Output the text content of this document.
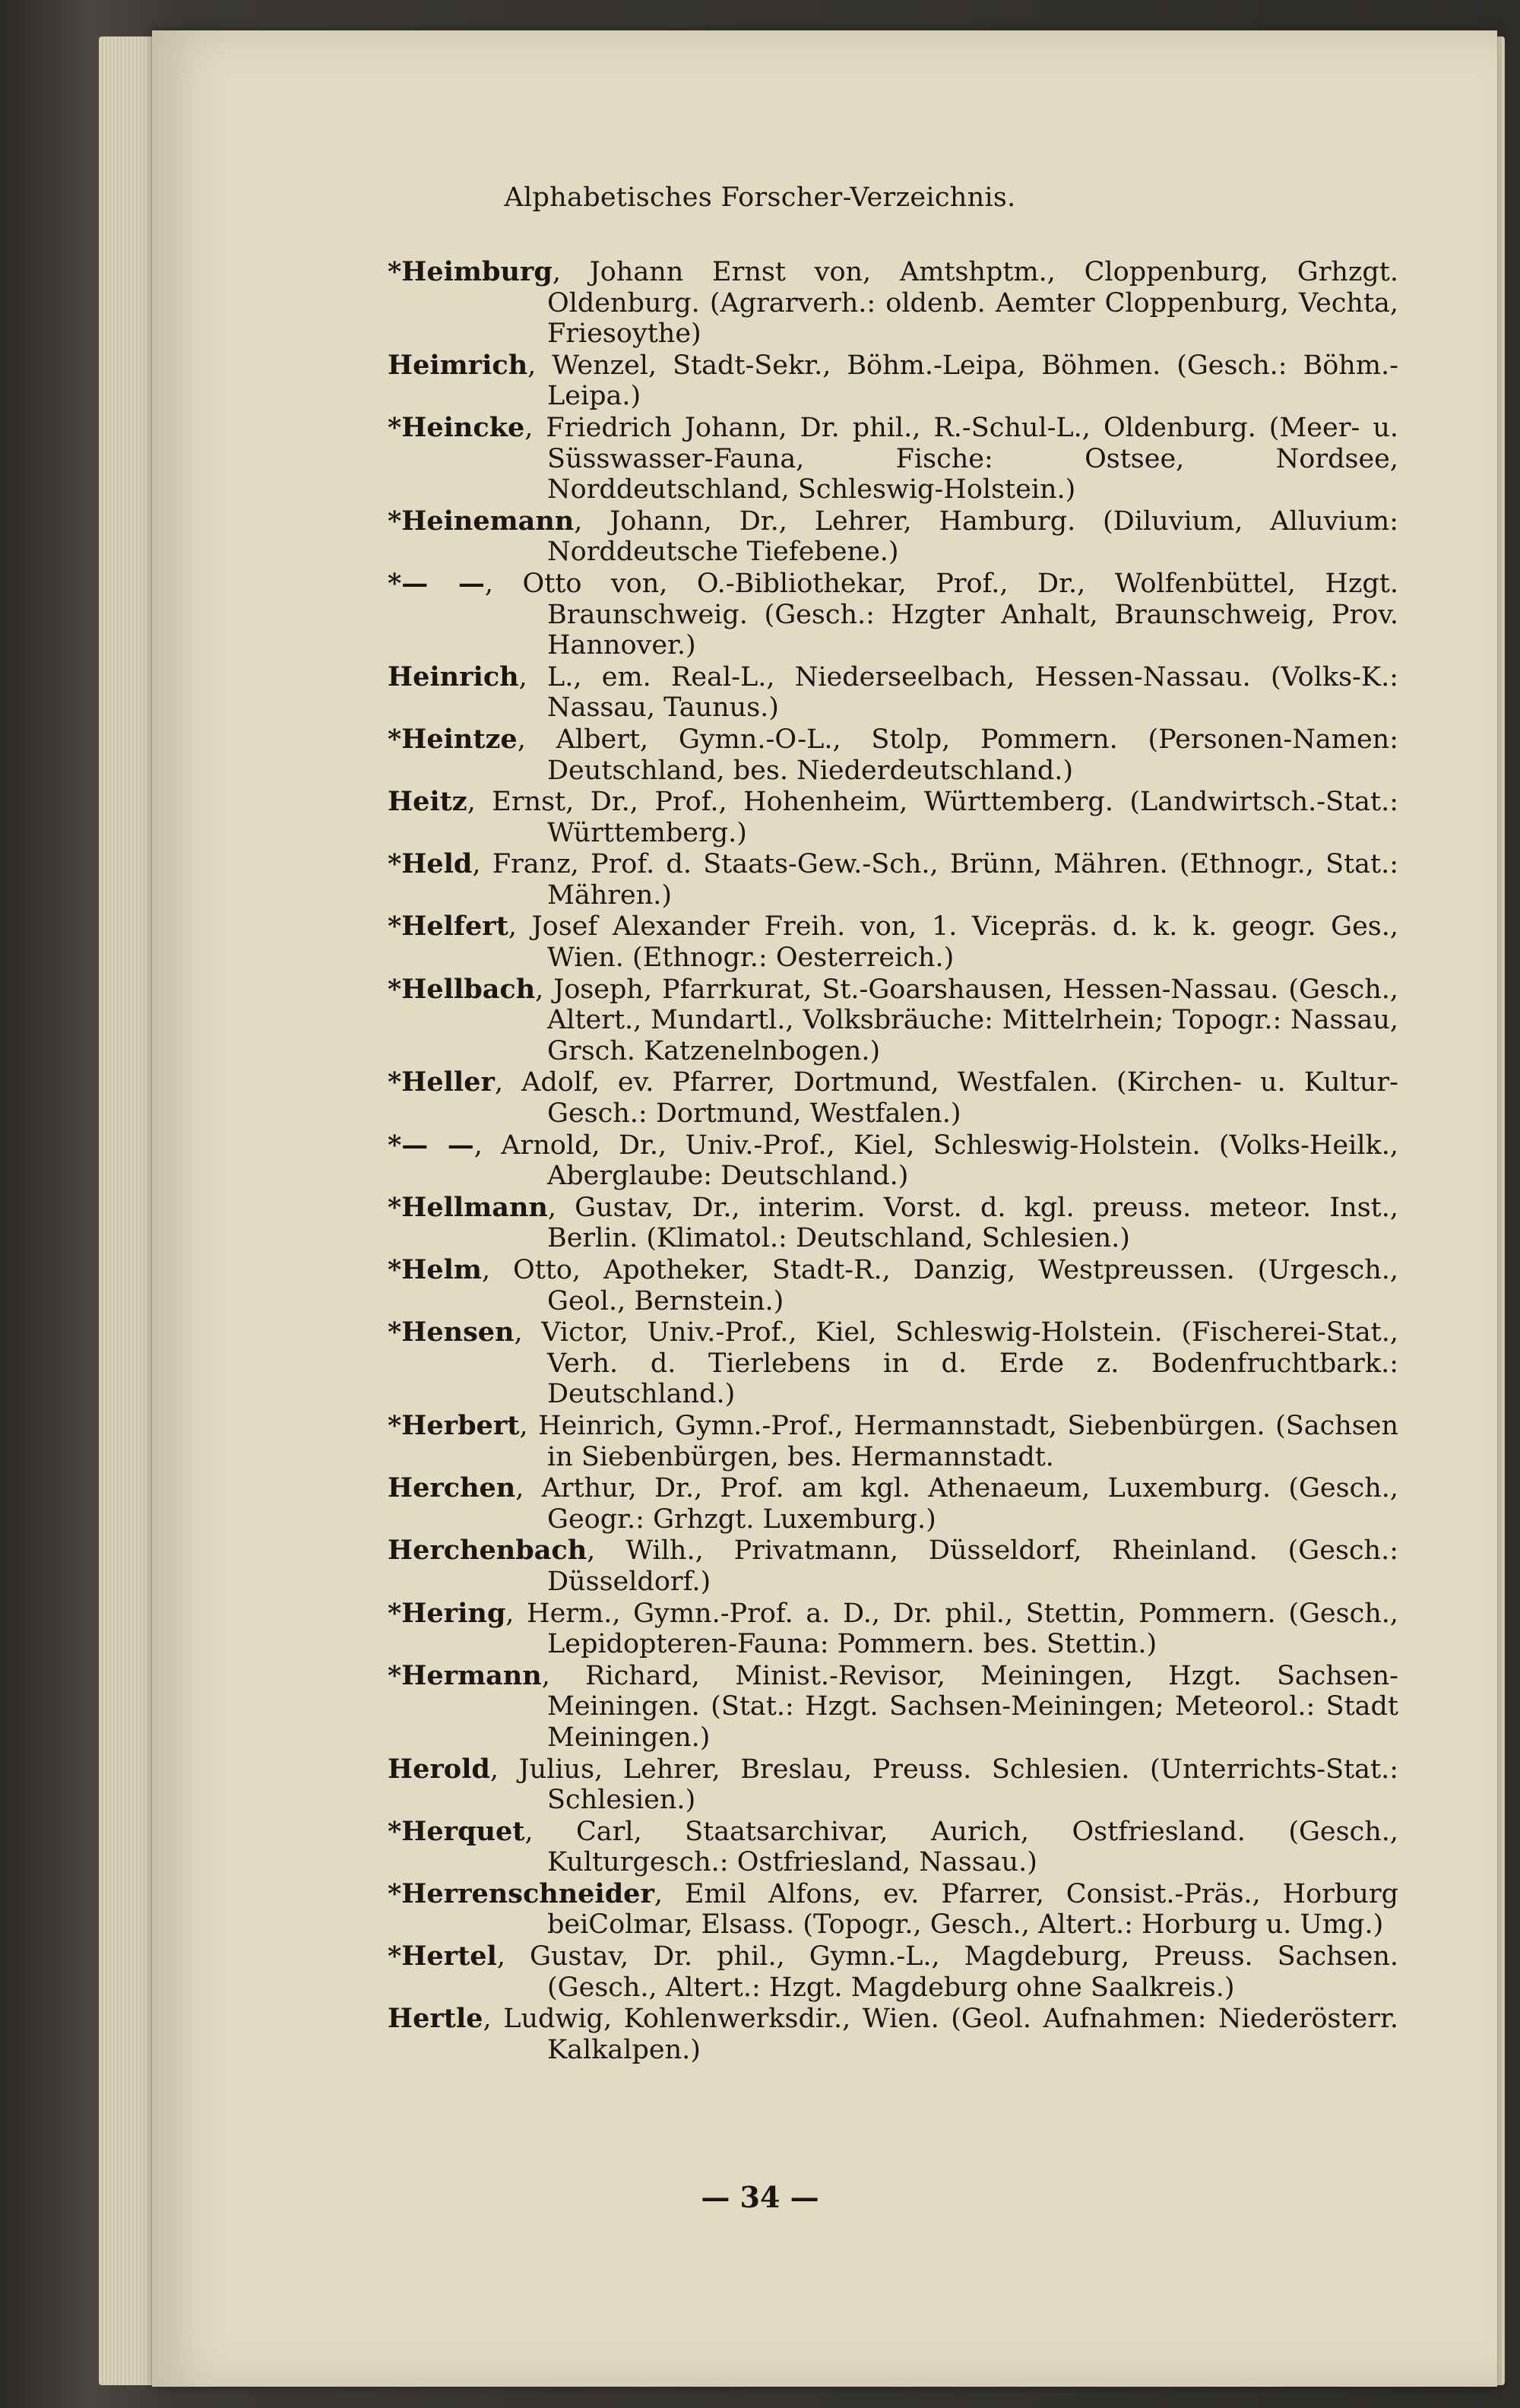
Alphabetisches Forscher-Verzeichnis.

*Heimburg, Johann Ernst von, Amtshptm., Cloppenburg, Grhzgt. Oldenburg. (Agrarverh.: oldenb. Aemter Cloppenburg, Vechta, Friesoythe)

Heimrich, Wenzel, Stadt-Sekr., Böhm.-Leipa, Böhmen. (Gesch.: Böhm.-Leipa.)

*Heincke, Friedrich Johann, Dr. phil., R.-Schul-L., Oldenburg. (Meer- u. Süsswasser-Fauna, Fische: Ostsee, Nordsee, Norddeutschland, Schleswig-Holstein.)

*Heinemann, Johann, Dr., Lehrer, Hamburg. (Diluvium, Alluvium: Norddeutsche Tiefebene.)

*— —, Otto von, O.-Bibliothekar, Prof., Dr., Wolfenbüttel, Hzgt. Braunschweig. (Gesch.: Hzgter Anhalt, Braunschweig, Prov. Hannover.)

Heinrich, L., em. Real-L., Niederseelbach, Hessen-Nassau. (Volks-K.: Nassau, Taunus.)

*Heintze, Albert, Gymn.-O-L., Stolp, Pommern. (Personen-Namen: Deutschland, bes. Niederdeutschland.)

Heitz, Ernst, Dr., Prof., Hohenheim, Württemberg. (Landwirtsch.-Stat.: Württemberg.)

*Held, Franz, Prof. d. Staats-Gew.-Sch., Brünn, Mähren. (Ethnogr., Stat.: Mähren.)

*Helfert, Josef Alexander Freih. von, 1. Vicepräs. d. k. k. geogr. Ges., Wien. (Ethnogr.: Oesterreich.)

*Hellbach, Joseph, Pfarrkurat, St.-Goarshausen, Hessen-Nassau. (Gesch., Altert., Mundartl., Volksbräuche: Mittelrhein; Topogr.: Nassau, Grsch. Katzenelnbogen.)

*Heller, Adolf, ev. Pfarrer, Dortmund, Westfalen. (Kirchen- u. Kultur-Gesch.: Dortmund, Westfalen.)

*— —, Arnold, Dr., Univ.-Prof., Kiel, Schleswig-Holstein. (Volks-Heilk., Aberglaube: Deutschland.)

*Hellmann, Gustav, Dr., interim. Vorst. d. kgl. preuss. meteor. Inst., Berlin. (Klimatol.: Deutschland, Schlesien.)

*Helm, Otto, Apotheker, Stadt-R., Danzig, Westpreussen. (Urgesch., Geol., Bernstein.)

*Hensen, Victor, Univ.-Prof., Kiel, Schleswig-Holstein. (Fischerei-Stat., Verh. d. Tierlebens in d. Erde z. Bodenfruchtbark.: Deutschland.)

*Herbert, Heinrich, Gymn.-Prof., Hermannstadt, Siebenbürgen. (Sachsen in Siebenbürgen, bes. Hermannstadt.

Herchen, Arthur, Dr., Prof. am kgl. Athenaeum, Luxemburg. (Gesch., Geogr.: Grhzgt. Luxemburg.)

Herchenbach, Wilh., Privatmann, Düsseldorf, Rheinland. (Gesch.: Düsseldorf.)

*Hering, Herm., Gymn.-Prof. a. D., Dr. phil., Stettin, Pommern. (Gesch., Lepidopteren-Fauna: Pommern. bes. Stettin.)

*Hermann, Richard, Minist.-Revisor, Meiningen, Hzgt. Sachsen-Meiningen. (Stat.: Hzgt. Sachsen-Meiningen; Meteorol.: Stadt Meiningen.)

Herold, Julius, Lehrer, Breslau, Preuss. Schlesien. (Unterrichts-Stat.: Schlesien.)

*Herquet, Carl, Staatsarchivar, Aurich, Ostfriesland. (Gesch., Kulturgesch.: Ostfriesland, Nassau.)

*Herrenschneider, Emil Alfons, ev. Pfarrer, Consist.-Präs., Horburg beiColmar, Elsass. (Topogr., Gesch., Altert.: Horburg u. Umg.)

*Hertel, Gustav, Dr. phil., Gymn.-L., Magdeburg, Preuss. Sachsen. (Gesch., Altert.: Hzgt. Magdeburg ohne Saalkreis.)

Hertle, Ludwig, Kohlenwerksdir., Wien. (Geol. Aufnahmen: Niederösterr. Kalkalpen.)

— 34 —
